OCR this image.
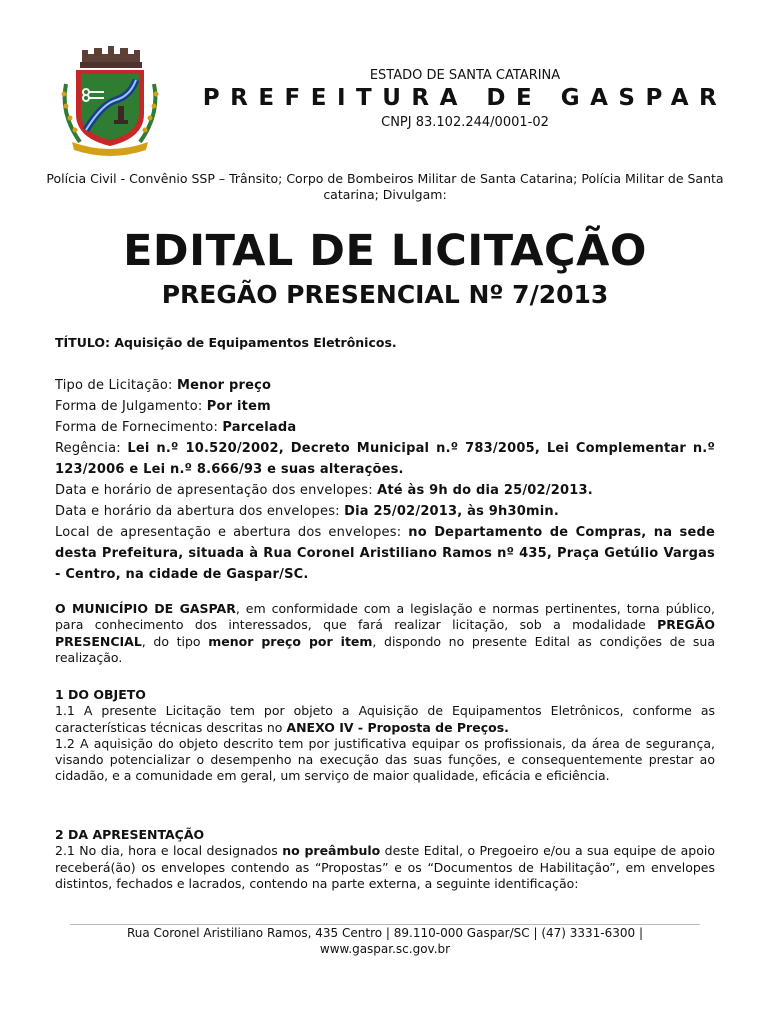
ESTADO DE SANTA CATARINA
PREFEITURA DE GASPAR
CNPJ 83.102.244/0001-02
Polícia Civil - Convênio SSP – Trânsito; Corpo de Bombeiros Militar de Santa Catarina; Polícia Militar de Santa catarina; Divulgam:
EDITAL DE LICITAÇÃO
PREGÃO PRESENCIAL Nº 7/2013
TÍTULO: Aquisição de Equipamentos Eletrônicos.

Tipo de Licitação: Menor preço

Forma de Julgamento: Por item

Forma de Fornecimento: Parcelada

Regência: Lei n.º 10.520/2002, Decreto Municipal n.º 783/2005, Lei Complementar n.º 123/2006 e Lei n.º 8.666/93 e suas alterações.

Data e horário de apresentação dos envelopes: Até às 9h do dia 25/02/2013.

Data e horário da abertura dos envelopes: Dia 25/02/2013, às 9h30min.

Local de apresentação e abertura dos envelopes: no Departamento de Compras, na sede desta Prefeitura, situada à Rua Coronel Aristiliano Ramos nº 435, Praça Getúlio Vargas - Centro, na cidade de Gaspar/SC.

O MUNICÍPIO DE GASPAR, em conformidade com a legislação e normas pertinentes, torna público, para conhecimento dos interessados, que fará realizar licitação, sob a modalidade PREGÃO PRESENCIAL, do tipo menor preço por item, dispondo no presente Edital as condições de sua realização.

1 DO OBJETO

1.1 A presente Licitação tem por objeto a Aquisição de Equipamentos Eletrônicos, conforme as características técnicas descritas no ANEXO IV - Proposta de Preços.

1.2 A aquisição do objeto descrito tem por justificativa equipar os profissionais, da área de segurança, visando potencializar o desempenho na execução das suas funções, e consequentemente prestar ao cidadão, e a comunidade em geral, um serviço de maior qualidade, eficácia e eficiência.

2 DA APRESENTAÇÃO

2.1 No dia, hora e local designados no preâmbulo deste Edital, o Pregoeiro e/ou a sua equipe de apoio receberá(ão) os envelopes contendo as “Propostas” e os “Documentos de Habilitação”, em envelopes distintos, fechados e lacrados, contendo na parte externa, a seguinte identificação:

Rua Coronel Aristiliano Ramos, 435 Centro | 89.110-000 Gaspar/SC | (47) 3331-6300 |
www.gaspar.sc.gov.br
